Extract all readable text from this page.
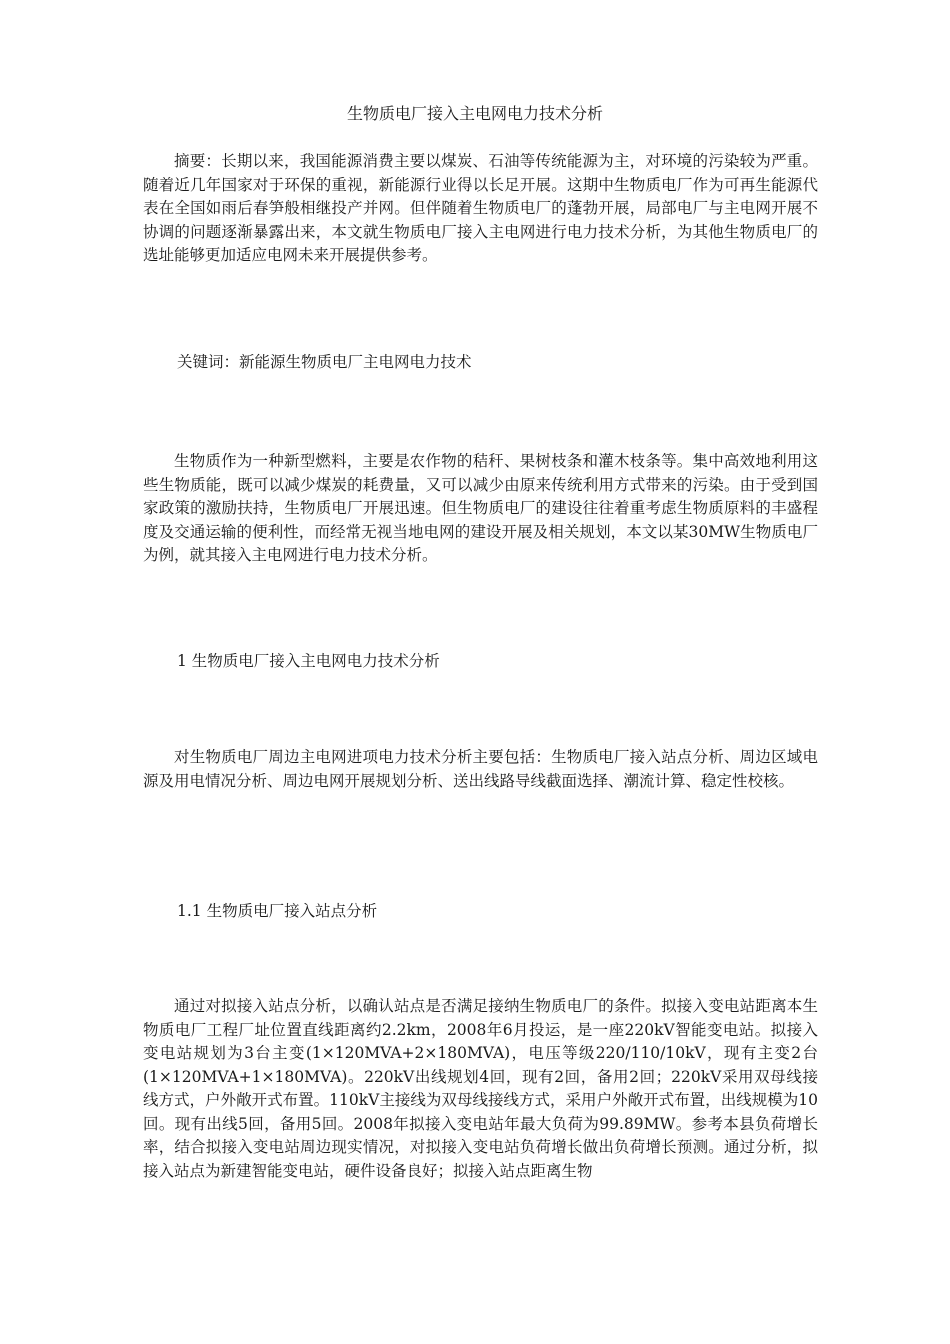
生物质电厂接入主电网电力技术分析

摘要：长期以来，我国能源消费主要以煤炭、石油等传统能源为主，对环境的污染较为严重。随着近几年国家对于环保的重视，新能源行业得以长足开展。这期中生物质电厂作为可再生能源代表在全国如雨后春笋般相继投产并网。但伴随着生物质电厂的蓬勃开展，局部电厂与主电网开展不协调的问题逐渐暴露出来，本文就生物质电厂接入主电网进行电力技术分析，为其他生物质电厂的选址能够更加适应电网未来开展提供参考。

关键词：新能源生物质电厂主电网电力技术

生物质作为一种新型燃料，主要是农作物的秸秆、果树枝条和灌木枝条等。集中高效地利用这些生物质能，既可以减少煤炭的耗费量，又可以减少由原来传统利用方式带来的污染。由于受到国家政策的激励扶持，生物质电厂开展迅速。但生物质电厂的建设往往着重考虑生物质原料的丰盛程度及交通运输的便利性，而经常无视当地电网的建设开展及相关规划，本文以某30MW生物质电厂为例，就其接入主电网进行电力技术分析。

1 生物质电厂接入主电网电力技术分析

对生物质电厂周边主电网进项电力技术分析主要包括：生物质电厂接入站点分析、周边区域电源及用电情况分析、周边电网开展规划分析、送出线路导线截面选择、潮流计算、稳定性校核。

1.1 生物质电厂接入站点分析

通过对拟接入站点分析，以确认站点是否满足接纳生物质电厂的条件。拟接入变电站距离本生物质电厂工程厂址位置直线距离约2.2km，2008年6月投运，是一座220kV智能变电站。拟接入变电站规划为3台主变(1×120MVA+2×180MVA)，电压等级220/110/10kV，现有主变2台(1×120MVA+1×180MVA)。220kV出线规划4回，现有2回，备用2回；220kV采用双母线接线方式，户外敞开式布置。110kV主接线为双母线接线方式，采用户外敞开式布置，出线规模为10回。现有出线5回，备用5回。2008年拟接入变电站年最大负荷为99.89MW。参考本县负荷增长率，结合拟接入变电站周边现实情况，对拟接入变电站负荷增长做出负荷增长预测。通过分析，拟接入站点为新建智能变电站，硬件设备良好；拟接入站点距离生物
